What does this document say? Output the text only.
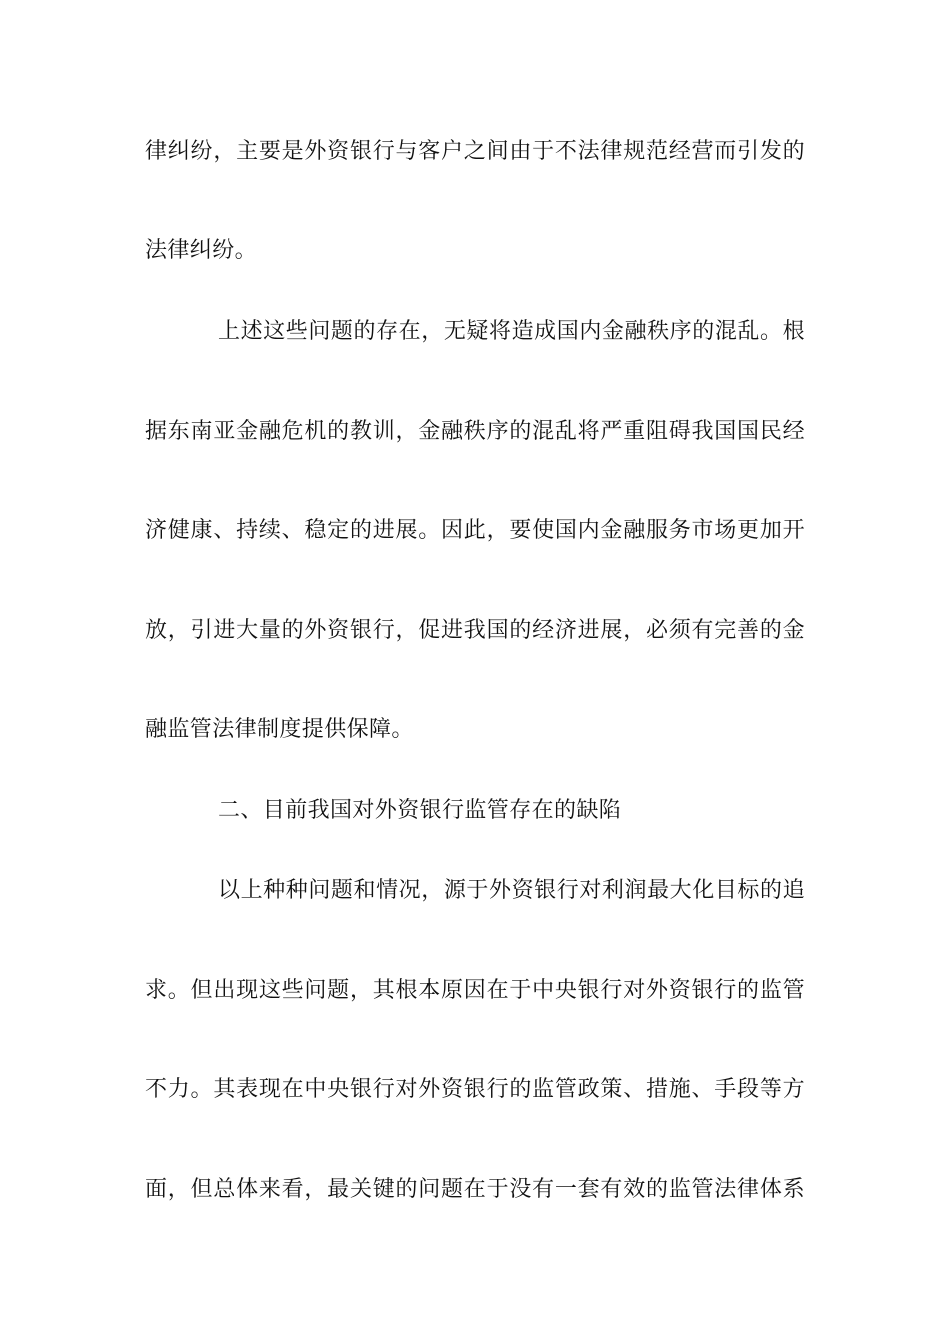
律纠纷，主要是外资银行与客户之间由于不法律规范经营而引发的
法律纠纷。
上述这些问题的存在，无疑将造成国内金融秩序的混乱。根
据东南亚金融危机的教训，金融秩序的混乱将严重阻碍我国国民经
济健康、持续、稳定的进展。因此，要使国内金融服务市场更加开
放，引进大量的外资银行，促进我国的经济进展，必须有完善的金
融监管法律制度提供保障。
二、目前我国对外资银行监管存在的缺陷
以上种种问题和情况，源于外资银行对利润最大化目标的追
求。但出现这些问题，其根本原因在于中央银行对外资银行的监管
不力。其表现在中央银行对外资银行的监管政策、措施、手段等方
面，但总体来看，最关键的问题在于没有一套有效的监管法律体系
